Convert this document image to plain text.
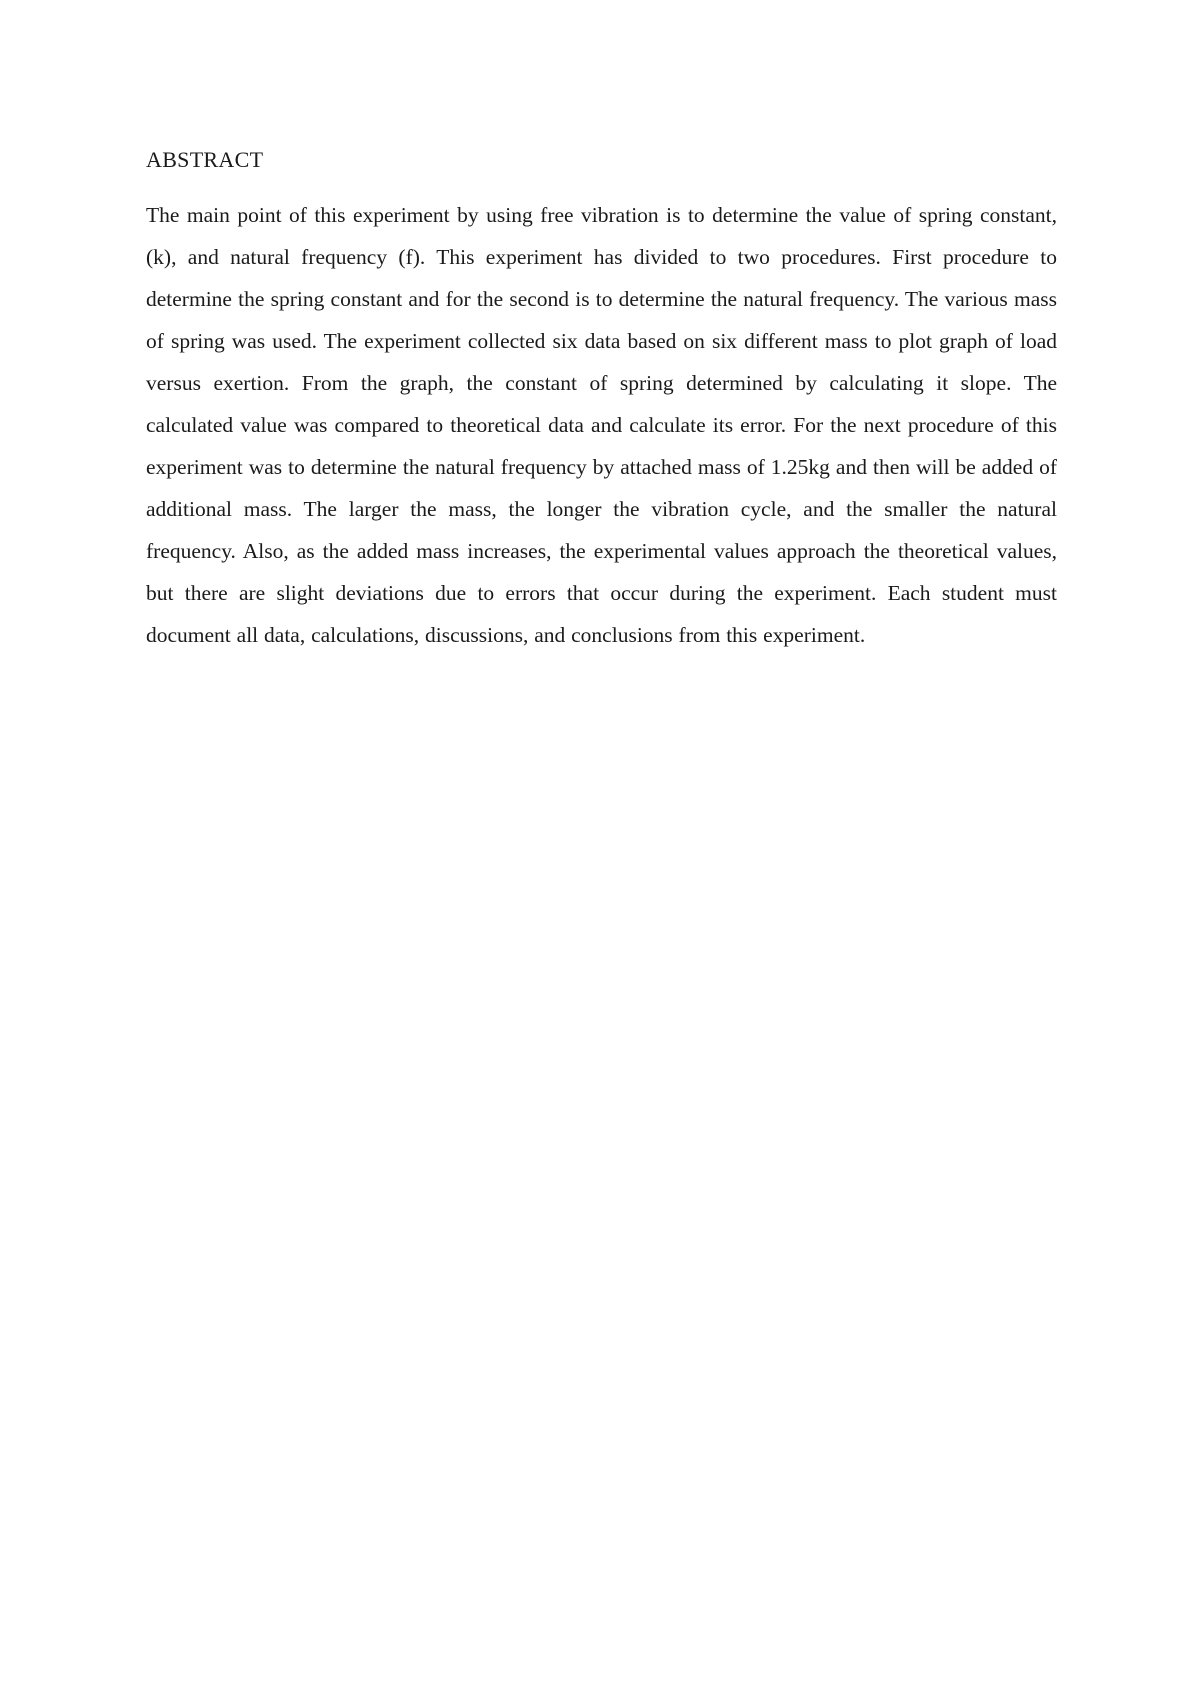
ABSTRACT

The main point of this experiment by using free vibration is to determine the value of spring constant, (k), and natural frequency (f). This experiment has divided to two procedures. First procedure to determine the spring constant and for the second is to determine the natural frequency. The various mass of spring was used. The experiment collected six data based on six different mass to plot graph of load versus exertion. From the graph, the constant of spring determined by calculating it slope. The calculated value was compared to theoretical data and calculate its error. For the next procedure of this experiment was to determine the natural frequency by attached mass of 1.25kg and then will be added of additional mass. The larger the mass, the longer the vibration cycle, and the smaller the natural frequency. Also, as the added mass increases, the experimental values approach the theoretical values, but there are slight deviations due to errors that occur during the experiment. Each student must document all data, calculations, discussions, and conclusions from this experiment.
